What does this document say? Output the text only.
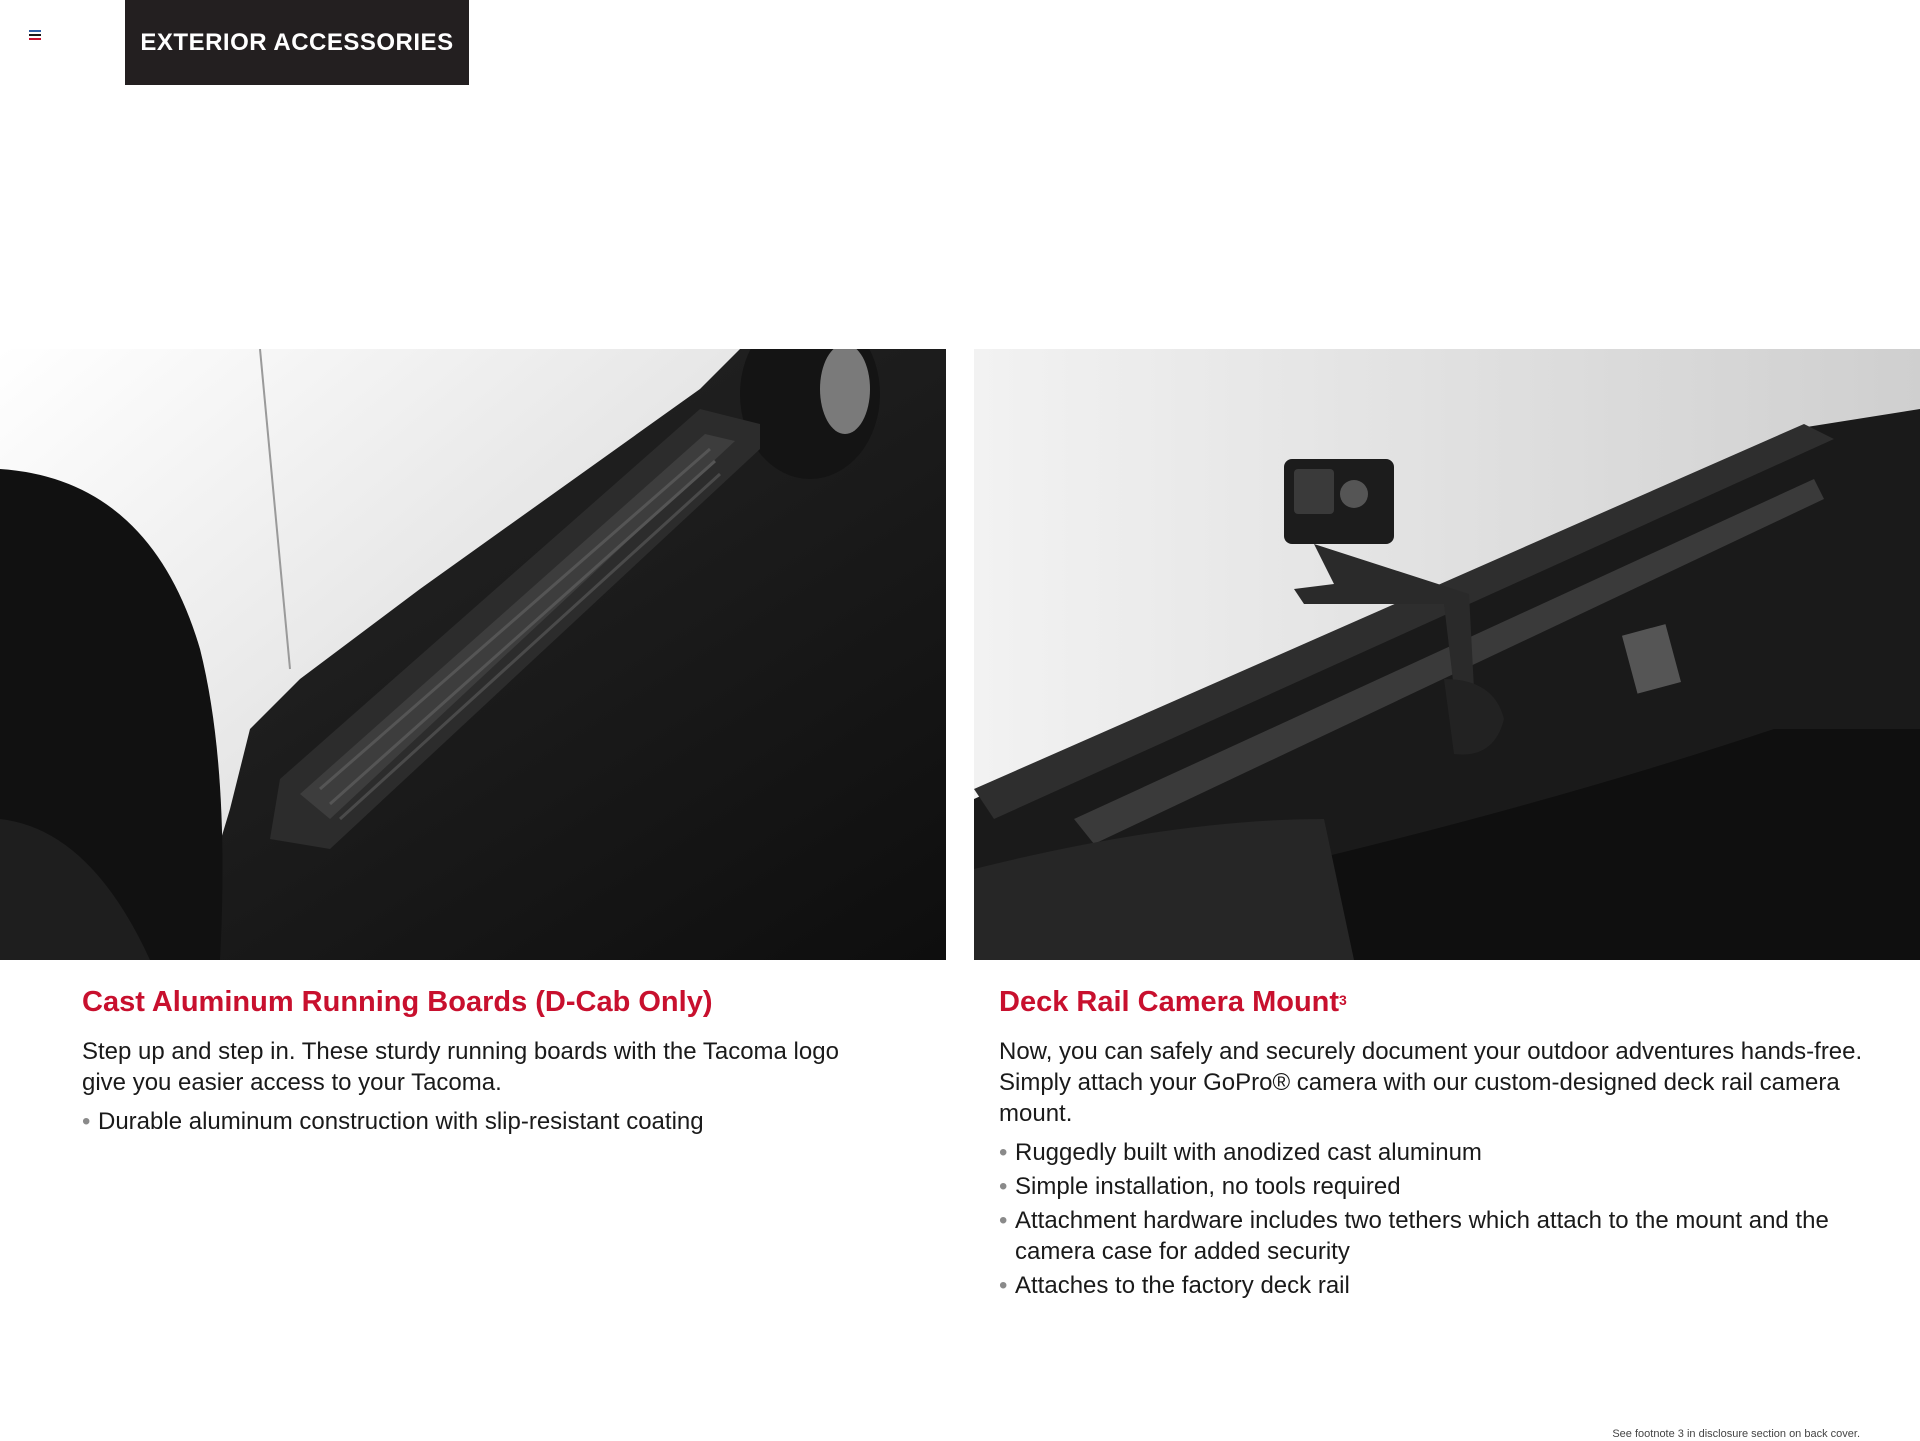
EXTERIOR ACCESSORIES
Cast Aluminum Running Boards (D-Cab Only)

Step up and step in. These sturdy running boards with the Tacoma logo give you easier access to your Tacoma.

• Durable aluminum construction with slip-resistant coating
Deck Rail Camera Mount$^3$

Now, you can safely and securely document your outdoor adventures hands-free. Simply attach your GoPro® camera with our custom-designed deck rail camera mount.

• Ruggedly built with anodized cast aluminum
• Simple installation, no tools required
• Attachment hardware includes two tethers which attach to the mount and the camera case for added security
• Attaches to the factory deck rail
See footnote 3 in disclosure section on back cover.
